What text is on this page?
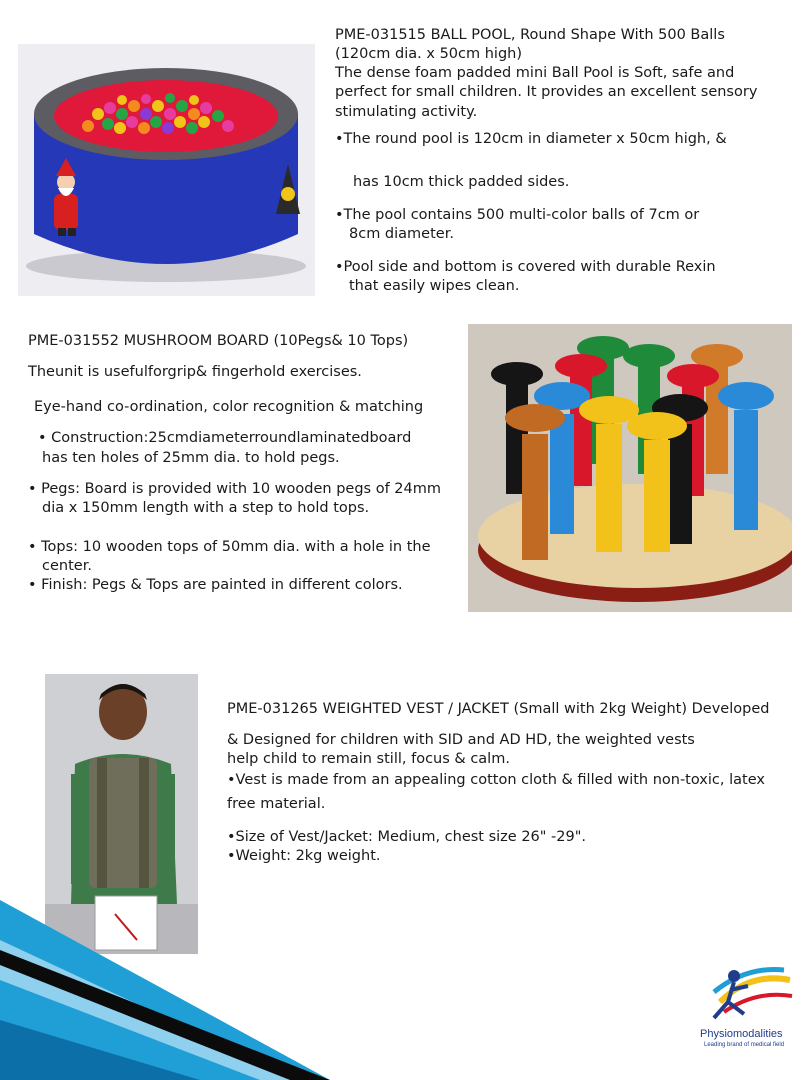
PME-031515 BALL POOL, Round Shape With 500 Balls

(120cm dia. x 50cm high)

The dense foam padded mini Ball Pool is Soft, safe and perfect for small children. It provides an excellent sensory stimulating activity.

•The round pool is 120cm in diameter x 50cm high, &

has 10cm thick padded sides.

•The pool contains 500 multi-color balls of 7cm or

8cm diameter.

•Pool side and bottom is covered with durable Rexin

that easily wipes clean.

PME-031552 MUSHROOM BOARD (10Pegs& 10 Tops)

Theunit is usefulforgrip& fingerhold exercises.

Eye-hand co-ordination, color recognition & matching

• Construction:25cmdiameterroundlaminatedboard

has ten holes of 25mm dia. to hold pegs.

• Pegs: Board is provided with 10 wooden pegs of 24mm

dia x 150mm length with a step to hold tops.

• Tops: 10 wooden tops of 50mm dia. with a hole in the

center.

• Finish: Pegs & Tops are painted in different colors.

PME-031265 WEIGHTED VEST / JACKET (Small with 2kg Weight) Developed

& Designed for children with SID and AD HD, the weighted vests

help child to remain still, focus & calm.

•Vest is made from an appealing cotton cloth & filled with non-toxic, latex

free material.

•Size of Vest/Jacket: Medium, chest size 26" -29".

•Weight: 2kg weight.

Physiomodalities
Leading brand of medical field
